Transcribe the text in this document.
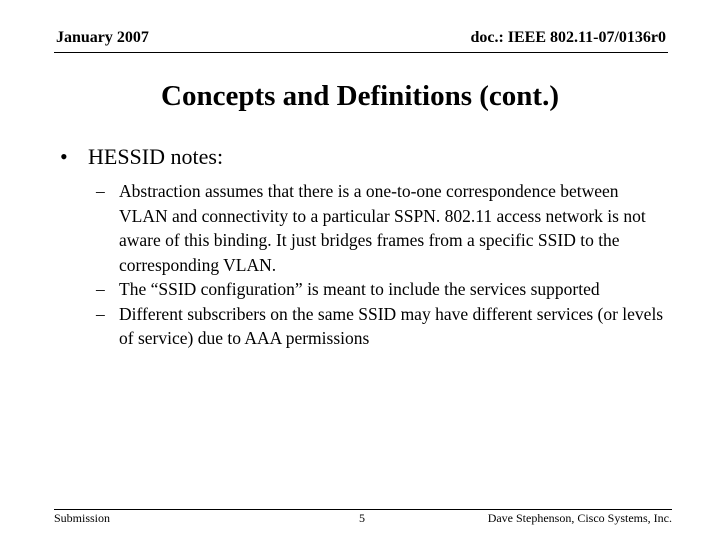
January 2007	doc.: IEEE 802.11-07/0136r0
Concepts and Definitions (cont.)
• HESSID notes:
– Abstraction assumes that there is a one-to-one correspondence between VLAN and connectivity to a particular SSPN. 802.11 access network is not aware of this binding. It just bridges frames from a specific SSID to the corresponding VLAN.
– The “SSID configuration” is meant to include the services supported
– Different subscribers on the same SSID may have different services (or levels of service) due to AAA permissions
Submission	5	Dave Stephenson, Cisco Systems, Inc.
